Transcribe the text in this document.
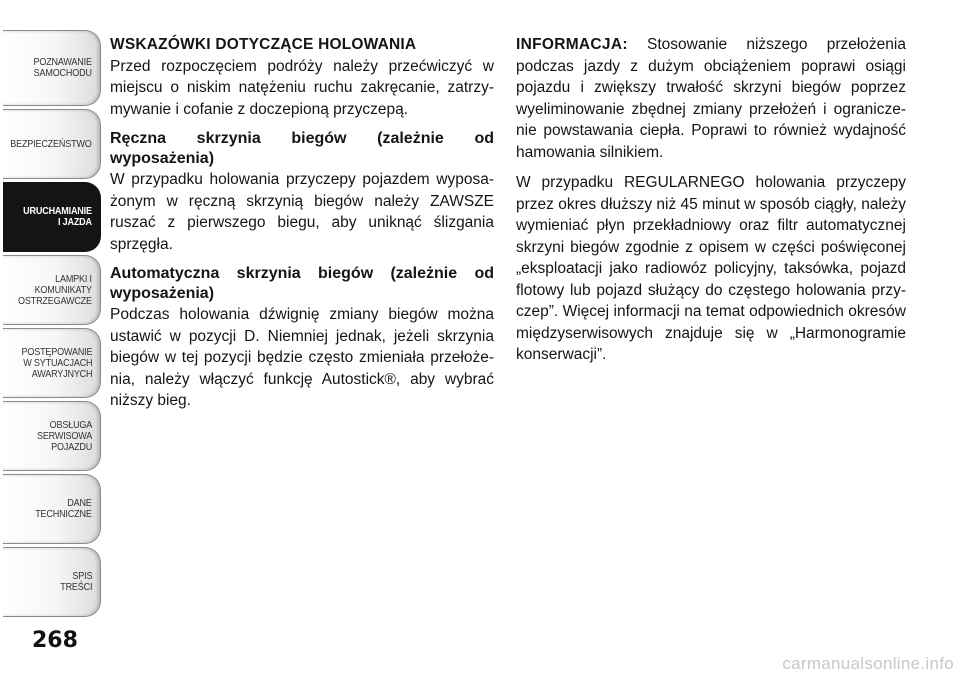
POZNAWANIE
SAMOCHODU
BEZPIECZEŃSTWO
URUCHAMIANIE
I JAZDA
LAMPKI I
KOMUNIKATY
OSTRZEGAWCZE
POSTĘPOWANIE
W SYTUACJACH
AWARYJNYCH
OBSŁUGA
SERWISOWA
POJAZDU
DANE
TECHNICZNE
SPIS
TREŚCI
268

WSKAZÓWKI DOTYCZĄCE HOLOWANIA

Przed rozpoczęciem podróży należy przećwiczyć w miejscu o niskim natężeniu ruchu zakręcanie, zatrzymywanie i cofanie z doczepioną przyczepą.

Ręczna skrzynia biegów (zależnie od wyposażenia)

W przypadku holowania przyczepy pojazdem wyposażonym w ręczną skrzynią biegów należy ZAWSZE ruszać z pierwszego biegu, aby uniknąć ślizgania sprzęgła.

Automatyczna skrzynia biegów (zależnie od wyposażenia)

Podczas holowania dźwignię zmiany biegów można ustawić w pozycji D. Niemniej jednak, jeżeli skrzynia biegów w tej pozycji będzie często zmieniała przełożenia, należy włączyć funkcję Autostick®, aby wybrać niższy bieg.

INFORMACJA: Stosowanie niższego przełożenia podczas jazdy z dużym obciążeniem poprawi osiągi pojazdu i zwiększy trwałość skrzyni biegów poprzez wyeliminowanie zbędnej zmiany przełożeń i ograniczenie powstawania ciepła. Poprawi to również wydajność hamowania silnikiem.

W przypadku REGULARNEGO holowania przyczepy przez okres dłuższy niż 45 minut w sposób ciągły, należy wymieniać płyn przekładniowy oraz filtr automatycznej skrzyni biegów zgodnie z opisem w części poświęconej „eksploatacji jako radiowóz policyjny, taksówka, pojazd flotowy lub pojazd służący do częstego holowania przyczep”. Więcej informacji na temat odpowiednich okresów międzyserwisowych znajduje się w „Harmonogramie konserwacji”.

carmanualsonline.info
